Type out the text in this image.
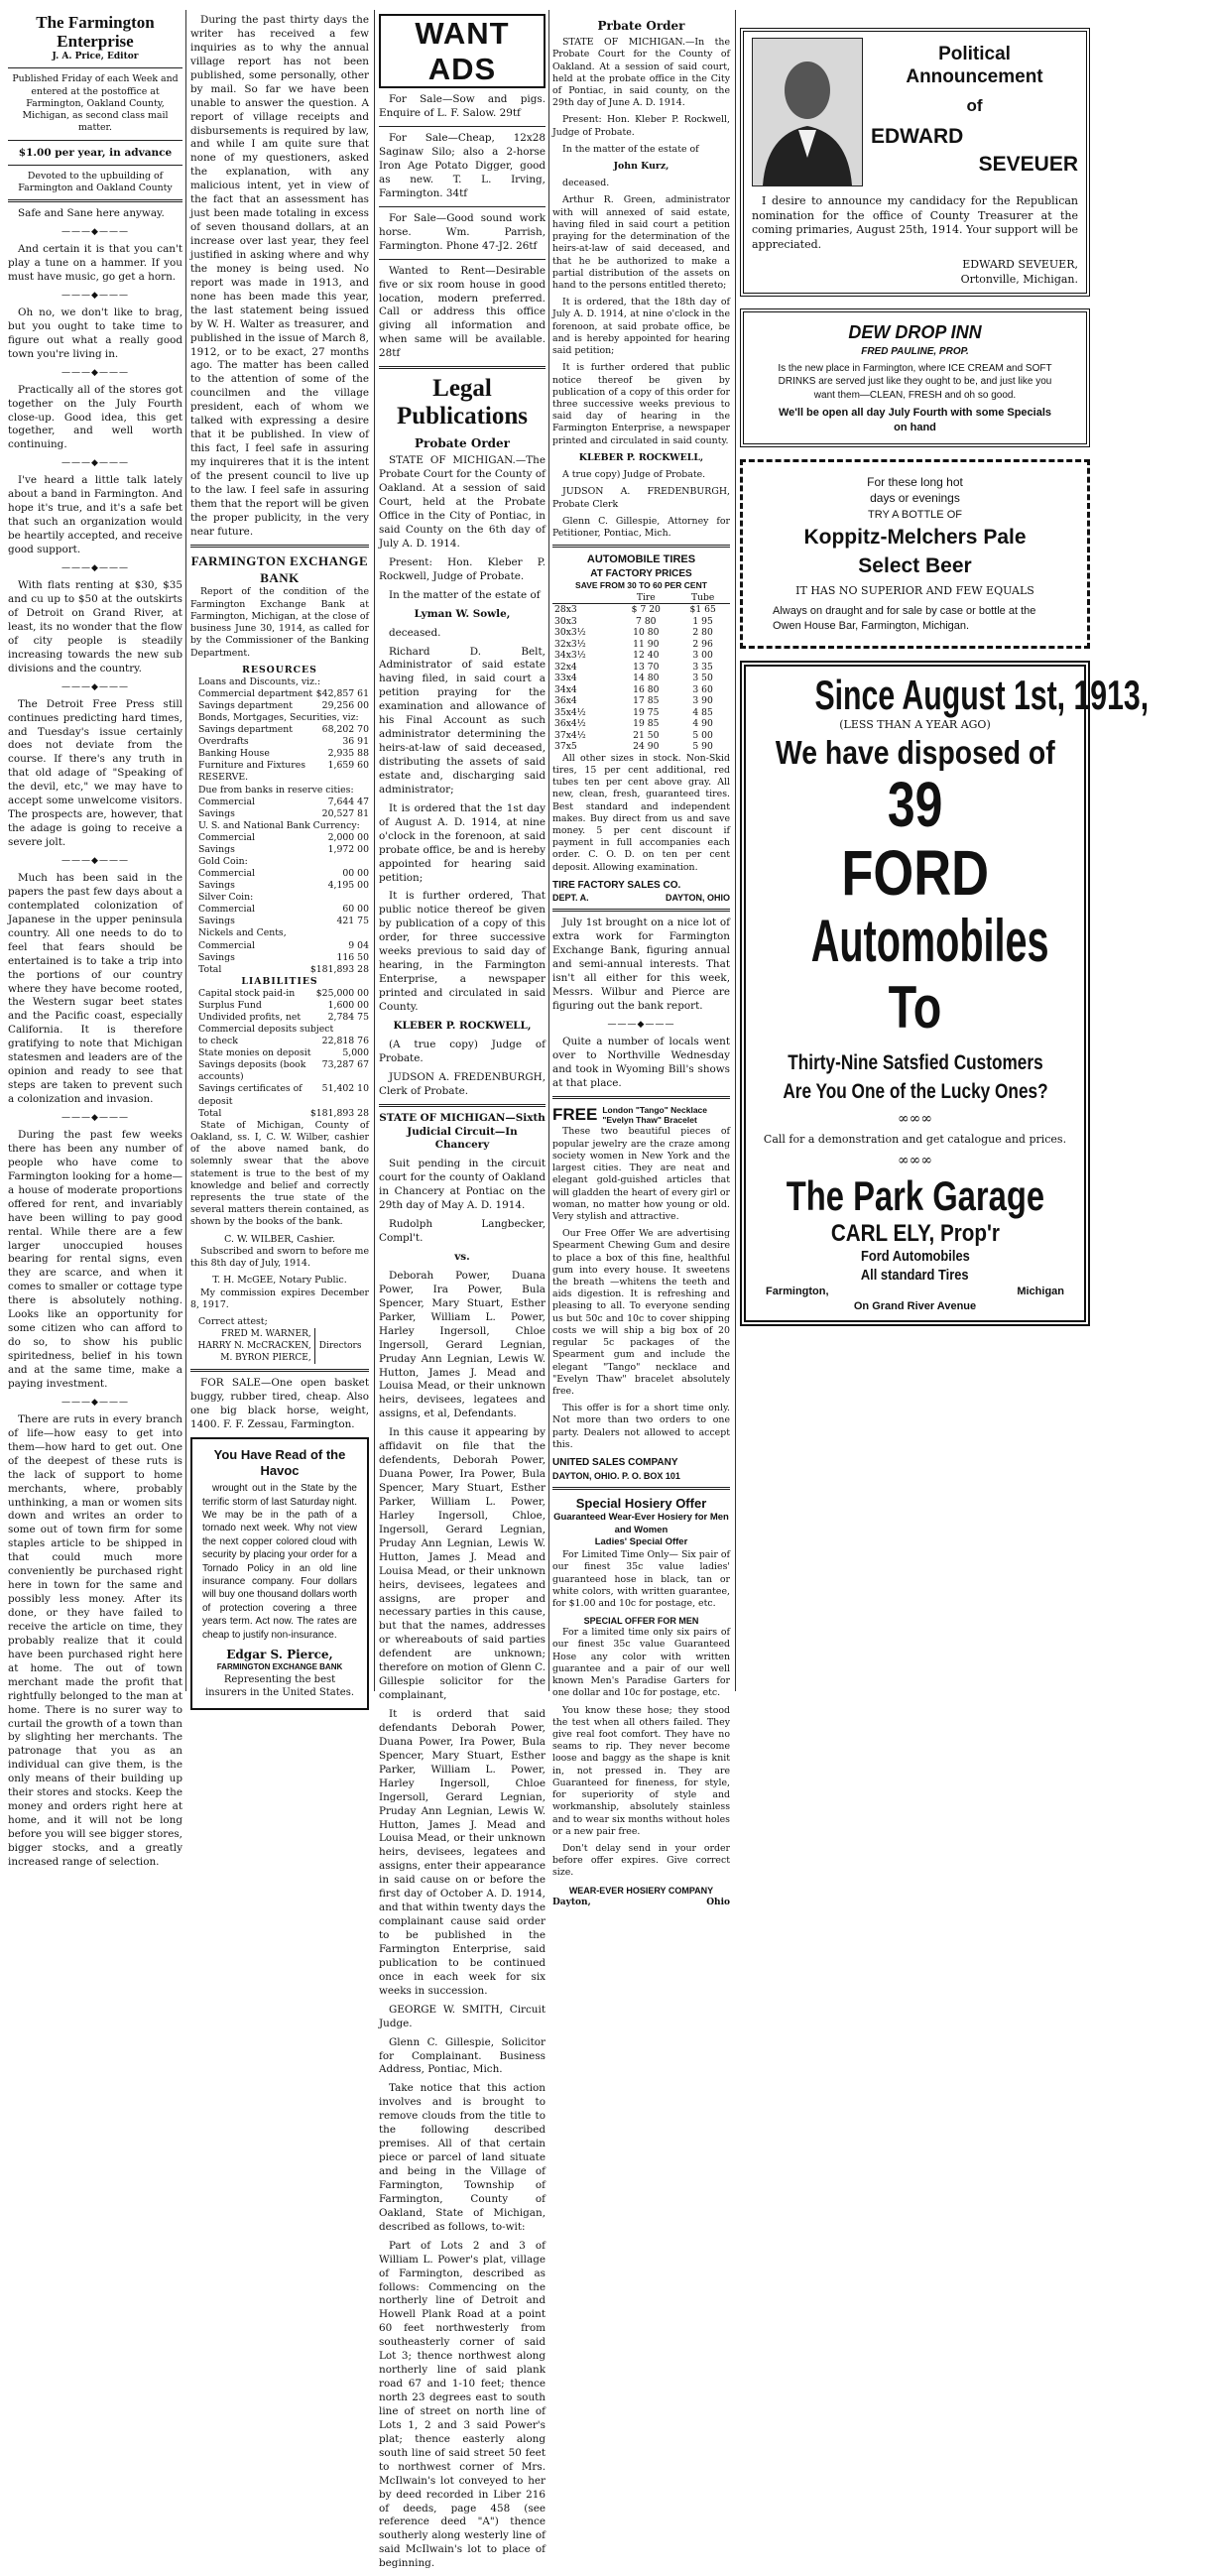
The Farmington Enterprise
J. A. Price, Editor

Published Friday of each Week and entered at the postoffice at Farmington, Oakland County, Michigan, as second class mail matter.

$1.00 per year, in advance

Devoted to the upbuilding of Farmington and Oakland County

Safe and Sane here anyway.

———◆———

And certain it is that you can't play a tune on a hammer. If you must have music, go get a horn.

———◆———

Oh no, we don't like to brag, but you ought to take time to figure out what a really good town you're living in.

———◆———

Practically all of the stores got together on the July Fourth close-up. Good idea, this get together, and well worth continuing.

———◆———

I've heard a little talk lately about a band in Farmington. And hope it's true, and it's a safe bet that such an organization would be heartily accepted, and receive good support.

———◆———

With flats renting at $30, $35 and cu up to $50 at the outskirts of Detroit on Grand River, at least, its no wonder that the flow of city people is steadily increasing towards the new sub divisions and the country.

———◆———

The Detroit Free Press still continues predicting hard times, and Tuesday's issue certainly does not deviate from the course. If there's any truth in that old adage of "Speaking of the devil, etc," we may have to accept some unwelcome visitors. The prospects are, however, that the adage is going to receive a severe jolt.

———◆———

Much has been said in the papers the past few days about a contemplated colonization of Japanese in the upper peninsula country. All one needs to do to feel that fears should be entertained is to take a trip into the portions of our country where they have become rooted, the Western sugar beet states and the Pacific coast, especially California. It is therefore gratifying to note that Michigan statesmen and leaders are of the opinion and ready to see that steps are taken to prevent such a colonization and invasion.

———◆———

During the past few weeks there has been any number of people who have come to Farmington looking for a home—a house of moderate proportions offered for rent, and invariably have been willing to pay good rental. While there are a few larger unoccupied houses bearing for rental signs, even they are scarce, and when it comes to smaller or cottage type there is absolutely nothing. Looks like an opportunity for some citizen who can afford to do so, to show his public spiritedness, belief in his town and at the same time, make a paying investment.

———◆———

There are ruts in every branch of life—how easy to get into them—how hard to get out. One of the deepest of these ruts is the lack of support to home merchants, where, probably unthinking, a man or women sits down and writes an order to some out of town firm for some staples article to be shipped in that could much more conveniently be purchased right here in town for the same and possibly less money. After its done, or they have failed to receive the article on time, they probably realize that it could have been purchased right here at home. The out of town merchant made the profit that rightfully belonged to the man at home. There is no surer way to curtail the growth of a town than by slighting her merchants. The patronage that you as an individual can give them, is the only means of their building up their stores and stocks. Keep the money and orders right here at home, and it will not be long before you will see bigger stores, bigger stocks, and a greatly increased range of selection.

During the past thirty days the writer has received a few inquiries as to why the annual village report has not been published, some personally, other by mail. So far we have been unable to answer the question. A report of village receipts and disbursements is required by law, and while I am quite sure that none of my questioners, asked the explanation, with any malicious intent, yet in view of the fact that an assessment has just been made totaling in excess of seven thousand dollars, at an increase over last year, they feel justified in asking where and why the money is being used. No report was made in 1913, and none has been made this year, the last statement being issued by W. H. Walter as treasurer, and published in the issue of March 8, 1912, or to be exact, 27 months ago. The matter has been called to the attention of some of the councilmen and the village president, each of whom we talked with expressing a desire that it be published. In view of this fact, I feel safe in assuring my inquireres that it is the intent of the present council to live up to the law. I feel safe in assuring them that the report will be given the proper publicity, in the very near future.

FARMINGTON EXCHANGE BANK

Report of the condition of the Farmington Exchange Bank at Farmington, Michigan, at the close of business June 30, 1914, as called for by the Commissioner of the Banking Department.

RESOURCES
Loans and Discounts, viz.:
Commercial department $42,857 61
Savings department	29,256 00
Bonds, Mortgages, Securities, viz:
Savings department	68,202 70
Overdrafts	36 91
Banking House	2,935 88
Furniture and Fixtures 1,659 60
RESERVE.
Due from banks in reserve cities:
Commercial	7,644 47
Savings	20,527 81
U. S. and National Bank Currency:
Commercial	2,000 00
Savings	1,972 00
Gold Coin:
Commercial	00 00
Savings	4,195 00
Silver Coin:
Commercial	60 00
Savings	421 75
Nickels and Cents,
Commercial	9 04
Savings	116 50
Total	$181,893 28
LIABILITIES
Capital stock paid-in $25,000 00
Surplus Fund	1,600 00
Undivided profits, net	2,784 75
Commercial deposits subject
to check	22,818 76
State monies on deposit	5,000
Savings deposits (book accounts)
73,287 67
Savings certificates of deposit
51,402 10
Total	$181,893 28

State of Michigan, County of Oakland, ss. I, C. W. Wilber, cashier of the above named bank, do solemnly swear that the above statement is true to the best of my knowledge and belief and correctly represents the true state of the several matters therein contained, as shown by the books of the bank.

C. W. WILBER, Cashier.

Subscribed and sworn to before me this 8th day of July, 1914.

T. H. McGEE, Notary Public.

My commission expires December 8, 1917.

Correct attest;
FRED M. WARNER,
HARRY N. McCRACKEN,
M. BYRON PIERCE,
Directors

FOR SALE—One open basket buggy, rubber tired, cheap. Also one big black horse, weight, 1400. F. F. Zessau, Farmington.

You Have Read of the Havoc

wrought out in the State by the terrific storm of last Saturday night. We may be in the path of a tornado next week. Why not view the next copper colored cloud with security by placing your order for a Tornado Policy in an old line insurance company. Four dollars will buy one thousand dollars worth of protection covering a three years term. Act now. The rates are cheap to justify non-insurance.

Edgar S. Pierce,
FARMINGTON EXCHANGE BANK
Representing the best insurers in the United States.
WANT ADS

For Sale—Sow and pigs. Enquire of L. F. Salow. 29tf

For Sale—Cheap, 12x28 Saginaw Silo; also a 2-horse Iron Age Potato Digger, good as new. T. L. Irving, Farmington. 34tf

For Sale—Good sound work horse. Wm. Parrish, Farmington. Phone 47-J2. 26tf

Wanted to Rent—Desirable five or six room house in good location, modern preferred. Call or address this office giving all information and when same will be available. 28tf

Legal Publications
Probate Order

STATE OF MICHIGAN.—The Probate Court for the County of Oakland. At a session of said Court, held at the Probate Office in the City of Pontiac, in said County on the 6th day of July A. D. 1914.

Present: Hon. Kleber P. Rockwell, Judge of Probate.

In the matter of the estate of

Lyman W. Sowle,

deceased.

Richard D. Belt, Administrator of said estate having filed, in said court a petition praying for the examination and allowance of his Final Account as such administrator determining the heirs-at-law of said deceased, distributing the assets of said estate and, discharging said administrator;

It is ordered that the 1st day of August A. D. 1914, at nine o'clock in the forenoon, at said probate office, be and is hereby appointed for hearing said petition;

It is further ordered, That public notice thereof be given by publication of a copy of this order, for three successive weeks previous to said day of hearing, in the Farmington Enterprise, a newspaper printed and circulated in said County.

KLEBER P. ROCKWELL,

(A true copy) Judge of Probate.

JUDSON A. FREDENBURGH, Clerk of Probate.

STATE OF MICHIGAN—Sixth Judicial Circuit—In Chancery

Suit pending in the circuit court for the county of Oakland in Chancery at Pontiac on the 29th day of May A. D. 1914.

Rudolph Langbecker, Compl't.

vs.

Deborah Power, Duana Power, Ira Power, Bula Spencer, Mary Stuart, Esther Parker, William L. Power, Harley Ingersoll, Chloe Ingersoll, Gerard Legnian, Pruday Ann Legnian, Lewis W. Hutton, James J. Mead and Louisa Mead, or their unknown heirs, devisees, legatees and assigns, et al, Defendants.

In this cause it appearing by affidavit on file that the defendents, Deborah Power, Duana Power, Ira Power, Bula Spencer, Mary Stuart, Esther Parker, William L. Power, Harley Ingersoll, Chloe, Ingersoll, Gerard Legnian, Pruday Ann Legnian, Lewis W. Hutton, James J. Mead and Louisa Mead, or their unknown heirs, devisees, legatees and assigns, are proper and necessary parties in this cause, but that the names, addresses or whereabouts of said parties defendent are unknown; therefore on motion of Glenn C. Gillespie solicitor for the complainant,

It is orderd that said defendants Deborah Power, Duana Power, Ira Power, Bula Spencer, Mary Stuart, Esther Parker, William L. Power, Harley Ingersoll, Chloe Ingersoll, Gerard Legnian, Pruday Ann Legnian, Lewis W. Hutton, James J. Mead and Louisa Mead, or their unknown heirs, devisees, legatees and assigns, enter their appearance in said cause on or before the first day of October A. D. 1914, and that within twenty days the complainant cause said order to be published in the Farmington Enterprise, said publication to be continued once in each week for six weeks in succession.

GEORGE W. SMITH, Circuit Judge.

Glenn C. Gillespie, Solicitor for Complainant. Business Address, Pontiac, Mich.

Take notice that this action involves and is brought to remove clouds from the title to the following described premises. All of that certain piece or parcel of land situate and being in the Village of Farmington, Township of Farmington, County of Oakland, State of Michigan, described as follows, to-wit:

Part of Lots 2 and 3 of William L. Power's plat, village of Farmington, described as follows: Commencing on the northerly line of Detroit and Howell Plank Road at a point 60 feet northwesterly from southeasterly corner of said Lot 3; thence northwest along northerly line of said plank road 67 and 1-10 feet; thence north 23 degrees east to south line of street on north line of Lots 1, 2 and 3 said Power's plat; thence easterly along south line of said street 50 feet to northwest corner of Mrs. McIlwain's lot conveyed to her by deed recorded in Liber 216 of deeds, page 458 (see reference deed "A") thence southerly along westerly line of said McIlwain's lot to place of beginning.

Prbate Order

STATE OF MICHIGAN.—In the Probate Court for the County of Oakland. At a session of said court, held at the probate office in the City of Pontiac, in said county, on the 29th day of June A. D. 1914.

Present: Hon. Kleber P. Rockwell, Judge of Probate.

In the matter of the estate of

John Kurz,

deceased.

Arthur R. Green, administrator with will annexed of said estate, having filed in said court a petition praying for the determination of the heirs-at-law of said deceased, and that he be authorized to make a partial distribution of the assets on hand to the persons entitled thereto;

It is ordered, that the 18th day of July A. D. 1914, at nine o'clock in the forenoon, at said probate office, be and is hereby appointed for hearing said petition;

It is further ordered that public notice thereof be given by publication of a copy of this order for three successive weeks previous to said day of hearing in the Farmington Enterprise, a newspaper printed and circulated in said county.

KLEBER P. ROCKWELL,

A true copy) Judge of Probate.

JUDSON A. FREDENBURGH, Probate Clerk

Glenn C. Gillespie, Attorney for Petitioner, Pontiac, Mich.

AUTOMOBILE TIRES
AT FACTORY PRICES
SAVE FROM 30 TO 60 PER CENT
	Tire	Tube
28x3	$ 7 20	$1 65
30x3	7 80	1 95
30x3½	10 80	2 80
32x3½	11 90	2 96
34x3½	12 40	3 00
32x4	13 70	3 35
33x4	14 80	3 50
34x4	16 80	3 60
36x4	17 85	3 90
35x4½	19 75	4 85
36x4½	19 85	4 90
37x4½	21 50	5 00
37x5	24 90	5 90

All other sizes in stock. Non-Skid tires, 15 per cent additional, red tubes ten per cent above gray. All new, clean, fresh, guaranteed tires. Best standard and independent makes. Buy direct from us and save money. 5 per cent discount if payment in full accompanies each order. C. O. D. on ten per cent deposit. Allowing examination.

TIRE FACTORY SALES CO.
DEPT. A.	DAYTON, OHIO

July 1st brought on a nice lot of extra work for Farmington Exchange Bank, figuring annual and semi-annual interests. That isn't all either for this week, Messrs. Wilbur and Pierce are figuring out the bank report.

———◆———

Quite a number of locals went over to Northville Wednesday and took in Wyoming Bill's shows at that place.

FREE London "Tango" Necklace "Evelyn Thaw" Bracelet

These two beautiful pieces of popular jewelry are the craze among society women in New York and the largest cities. They are neat and elegant gold-guished articles that will gladden the heart of every girl or woman, no matter how young or old. Very stylish and attractive.

Our Free Offer We are advertising Spearment Chewing Gum and desire to place a box of this fine, healthful gum into every house. It sweetens the breath —whitens the teeth and aids digestion. It is refreshing and pleasing to all. To everyone sending us but 50c and 10c to cover shipping costs we will ship a big box of 20 regular 5c packages of the Spearment gum and include the elegant "Tango" necklace and "Evelyn Thaw" bracelet absolutely free.

This offer is for a short time only. Not more than two orders to one party. Dealers not allowed to accept this.

UNITED SALES COMPANY
DAYTON, OHIO. P. O. BOX 101
Special Hosiery Offer
Guaranteed Wear-Ever Hosiery for Men and Women
Ladies' Special Offer

For Limited Time Only— Six pair of our finest 35c value ladies' guaranteed hose in black, tan or white colors, with written guarantee, for $1.00 and 10c for postage, etc.

SPECIAL OFFER FOR MEN

For a limited time only six pairs of our finest 35c value Guaranteed Hose any color with written guarantee and a pair of our well known Men's Paradise Garters for one dollar and 10c for postage, etc.

You know these hose; they stood the test when all others failed. They give real foot comfort. They have no seams to rip. They never become loose and baggy as the shape is knit in, not pressed in. They are Guaranteed for fineness, for style, for superiority of style and workmanship, absolutely stainless and to wear six months without holes or a new pair free.

Don't delay send in your order before offer expires. Give correct size.

WEAR-EVER HOSIERY COMPANY
Dayton,	Ohio
Political
Announcement
of
EDWARD
SEVEUER

I desire to announce my candidacy for the Republican nomination for the office of County Treasurer at the coming primaries, August 25th, 1914. Your support will be appreciated.

EDWARD SEVEUER,
Ortonville, Michigan.
DEW DROP INN
FRED PAULINE, PROP.

Is the new place in Farmington, where ICE CREAM and SOFT DRINKS are served just like they ought to be, and just like you want them—CLEAN, FRESH and oh so good.

We'll be open all day July Fourth with some Specials on hand
For these long hot
days or evenings
TRY A BOTTLE OF
Koppitz-Melchers Pale
Select Beer
IT HAS NO SUPERIOR AND FEW EQUALS

Always on draught and for sale by case or bottle at the Owen House Bar, Farmington, Michigan.

Since August 1st, 1913,
(LESS THAN A YEAR AGO)
We have disposed of
39
FORD
Automobiles
To
Thirty-Nine Satsfied Customers
Are You One of the Lucky Ones?
∞∞∞
Call for a demonstration and get catalogue and prices.
∞∞∞
The Park Garage
CARL ELY, Prop'r
Ford Automobiles
All standard Tires
Farmington,	Michigan
On Grand River Avenue
